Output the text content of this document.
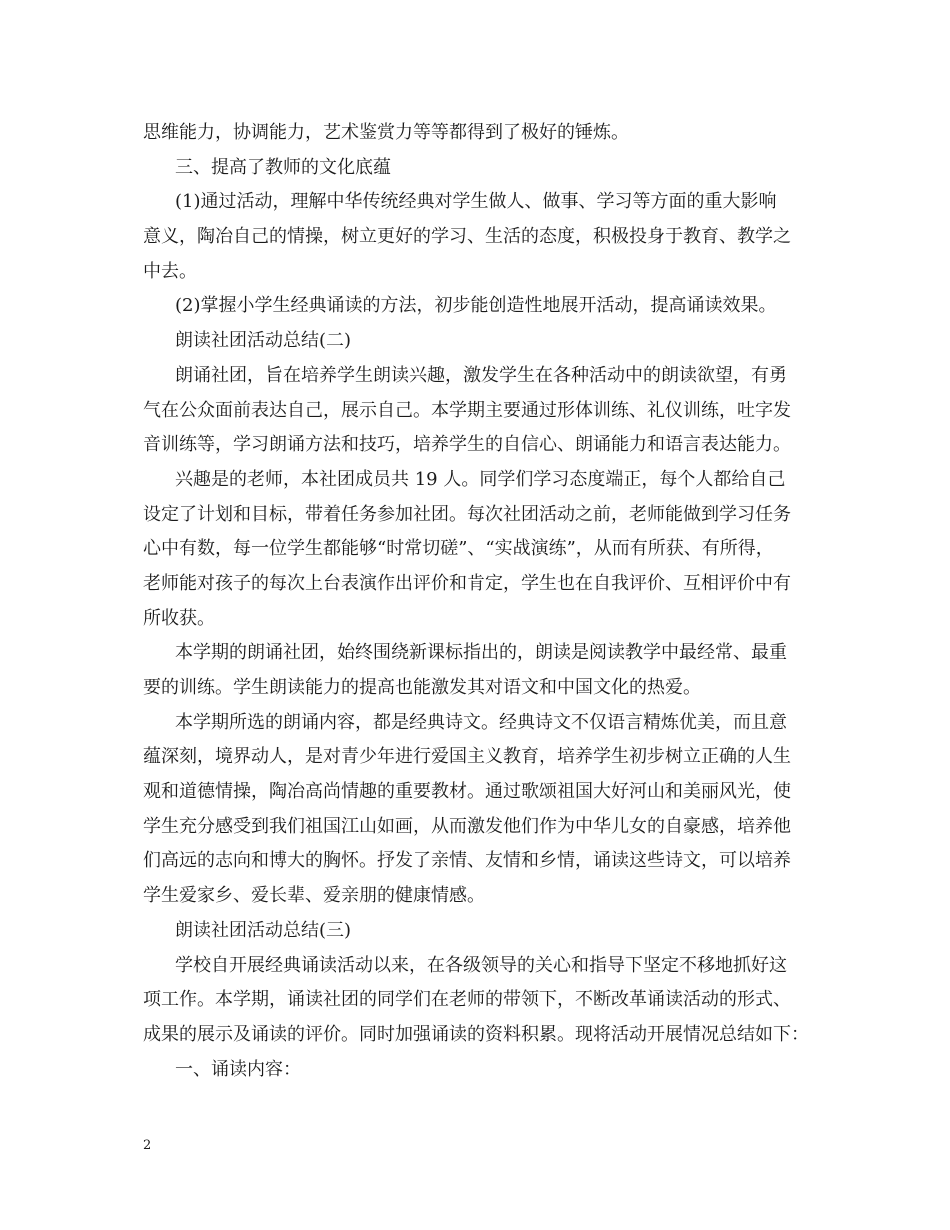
思维能力，协调能力，艺术鉴赏力等等都得到了极好的锤炼。
三、提高了教师的文化底蕴
(1)通过活动，理解中华传统经典对学生做人、做事、学习等方面的重大影响
意义，陶冶自己的情操，树立更好的学习、生活的态度，积极投身于教育、教学之
中去。
(2)掌握小学生经典诵读的方法，初步能创造性地展开活动，提高诵读效果。
朗读社团活动总结(二)
朗诵社团，旨在培养学生朗读兴趣，激发学生在各种活动中的朗读欲望，有勇
气在公众面前表达自己，展示自己。本学期主要通过形体训练、礼仪训练，吐字发
音训练等，学习朗诵方法和技巧，培养学生的自信心、朗诵能力和语言表达能力。
兴趣是的老师，本社团成员共 19 人。同学们学习态度端正，每个人都给自己
设定了计划和目标，带着任务参加社团。每次社团活动之前，老师能做到学习任务
心中有数，每一位学生都能够“时常切磋”、“实战演练”，从而有所获、有所得，
老师能对孩子的每次上台表演作出评价和肯定，学生也在自我评价、互相评价中有
所收获。
本学期的朗诵社团，始终围绕新课标指出的，朗读是阅读教学中最经常、最重
要的训练。学生朗读能力的提高也能激发其对语文和中国文化的热爱。
本学期所选的朗诵内容，都是经典诗文。经典诗文不仅语言精炼优美，而且意
蕴深刻，境界动人，是对青少年进行爱国主义教育，培养学生初步树立正确的人生
观和道德情操，陶冶高尚情趣的重要教材。通过歌颂祖国大好河山和美丽风光，使
学生充分感受到我们祖国江山如画，从而激发他们作为中华儿女的自豪感，培养他
们高远的志向和博大的胸怀。抒发了亲情、友情和乡情，诵读这些诗文，可以培养
学生爱家乡、爱长辈、爱亲朋的健康情感。
朗读社团活动总结(三)
学校自开展经典诵读活动以来，在各级领导的关心和指导下坚定不移地抓好这
项工作。本学期，诵读社团的同学们在老师的带领下，不断改革诵读活动的形式、
成果的展示及诵读的评价。同时加强诵读的资料积累。现将活动开展情况总结如下：
一、诵读内容：
2
